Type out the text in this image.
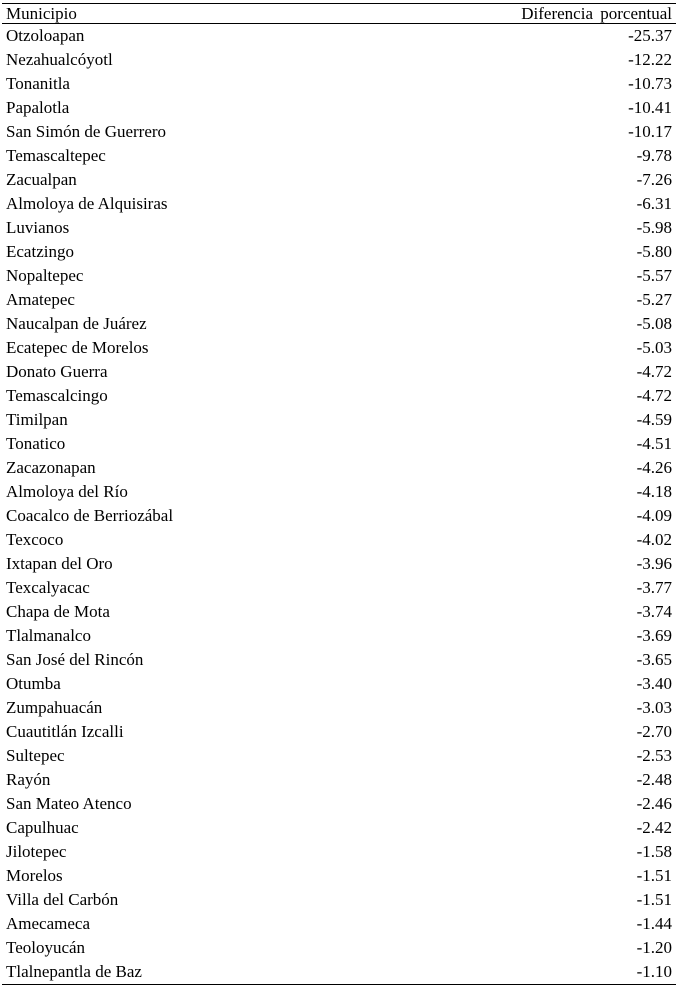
Municipio	Diferencia porcentual
Otzoloapan	-25.37
Nezahualcóyotl	-12.22
Tonanitla	-10.73
Papalotla	-10.41
San Simón de Guerrero	-10.17
Temascaltepec	-9.78
Zacualpan	-7.26
Almoloya de Alquisiras	-6.31
Luvianos	-5.98
Ecatzingo	-5.80
Nopaltepec	-5.57
Amatepec	-5.27
Naucalpan de Juárez	-5.08
Ecatepec de Morelos	-5.03
Donato Guerra	-4.72
Temascalcingo	-4.72
Timilpan	-4.59
Tonatico	-4.51
Zacazonapan	-4.26
Almoloya del Río	-4.18
Coacalco de Berriozábal	-4.09
Texcoco	-4.02
Ixtapan del Oro	-3.96
Texcalyacac	-3.77
Chapa de Mota	-3.74
Tlalmanalco	-3.69
San José del Rincón	-3.65
Otumba	-3.40
Zumpahuacán	-3.03
Cuautitlán Izcalli	-2.70
Sultepec	-2.53
Rayón	-2.48
San Mateo Atenco	-2.46
Capulhuac	-2.42
Jilotepec	-1.58
Morelos	-1.51
Villa del Carbón	-1.51
Amecameca	-1.44
Teoloyucán	-1.20
Tlalnepantla de Baz	-1.10
